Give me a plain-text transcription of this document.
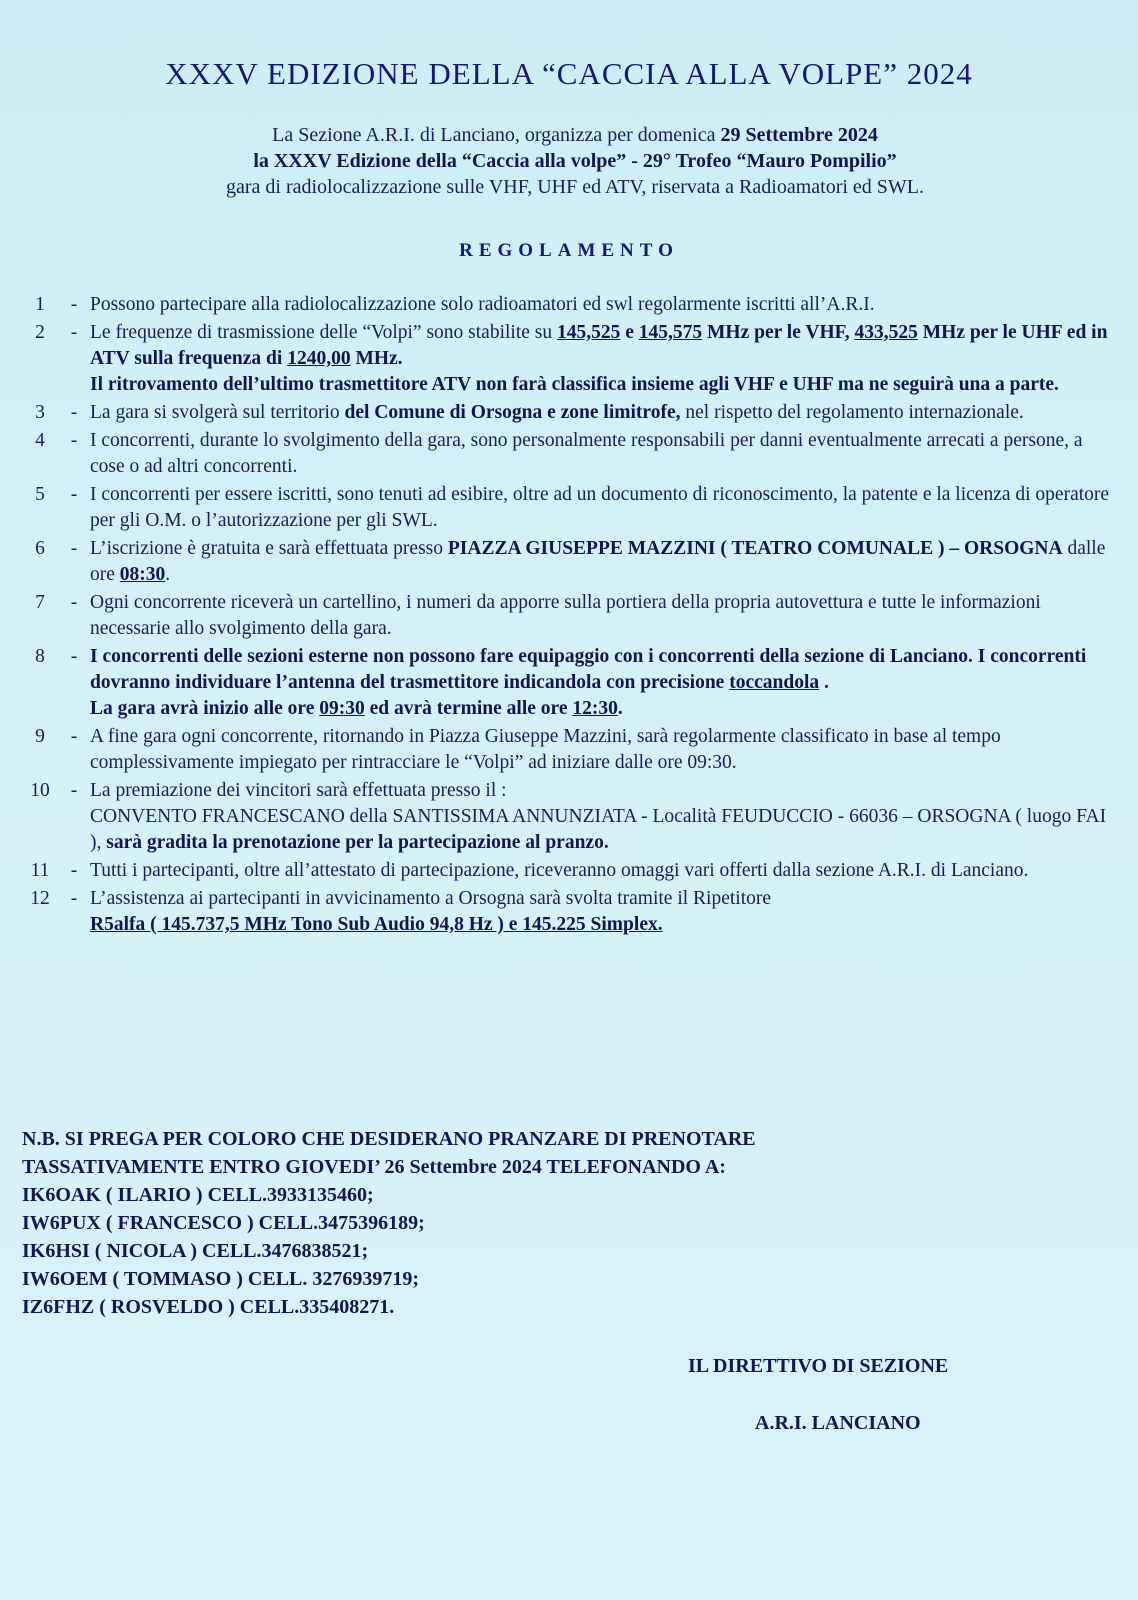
XXXV EDIZIONE DELLA “CACCIA ALLA VOLPE” 2024
La Sezione A.R.I. di Lanciano, organizza per domenica 29 Settembre 2024
la XXXV Edizione della “Caccia alla volpe” - 29° Trofeo “Mauro Pompilio”
gara di radiolocalizzazione sulle VHF, UHF ed ATV, riservata a Radioamatori ed SWL.
REGOLAMENTO
1	- Possono partecipare alla radiolocalizzazione solo radioamatori ed swl regolarmente iscritti all’A.R.I.
2	- Le frequenze di trasmissione delle “Volpi” sono stabilite su 145,525 e 145,575 MHz per le VHF, 433,525 MHz per le UHF ed in ATV sulla frequenza di 1240,00 MHz.
Il ritrovamento dell’ultimo trasmettitore ATV non farà classifica insieme agli VHF e UHF ma ne seguirà una a parte.
3	- La gara si svolgerà sul territorio del Comune di Orsogna e zone limitrofe, nel rispetto del regolamento internazionale.
4	- I concorrenti, durante lo svolgimento della gara, sono personalmente responsabili per danni eventualmente arrecati a persone, a cose o ad altri concorrenti.
5	- I concorrenti per essere iscritti, sono tenuti ad esibire, oltre ad un documento di riconoscimento, la patente e la licenza di operatore per gli O.M. o l’autorizzazione per gli SWL.
6	- L’iscrizione è gratuita e sarà effettuata presso PIAZZA GIUSEPPE MAZZINI ( TEATRO COMUNALE ) – ORSOGNA dalle ore 08:30.
7	- Ogni concorrente riceverà un cartellino, i numeri da apporre sulla portiera della propria autovettura e tutte le informazioni necessarie allo svolgimento della gara.
8	- I concorrenti delle sezioni esterne non possono fare equipaggio con i concorrenti della sezione di Lanciano. I concorrenti dovranno individuare l’antenna del trasmettitore indicandola con precisione toccandola .
La gara avrà inizio alle ore 09:30 ed avrà termine alle ore 12:30.
9	- A fine gara ogni concorrente, ritornando in Piazza Giuseppe Mazzini, sarà regolarmente classificato in base al tempo complessivamente impiegato per rintracciare le “Volpi” ad iniziare dalle ore 09:30.
10	- La premiazione dei vincitori sarà effettuata presso il :
CONVENTO FRANCESCANO della SANTISSIMA ANNUNZIATA - Località FEUDUCCIO - 66036 – ORSOGNA ( luogo FAI ), sarà gradita la prenotazione per la partecipazione al pranzo.
11	- Tutti i partecipanti, oltre all’attestato di partecipazione, riceveranno omaggi vari offerti dalla sezione A.R.I. di Lanciano.
12	- L’assistenza ai partecipanti in avvicinamento a Orsogna sarà svolta tramite il Ripetitore
R5alfa ( 145.737,5 MHz Tono Sub Audio 94,8 Hz ) e 145.225 Simplex.
N.B. SI PREGA PER COLORO CHE DESIDERANO PRANZARE DI PRENOTARE
TASSATIVAMENTE ENTRO GIOVEDI’ 26 Settembre 2024 TELEFONANDO A:
IK6OAK ( ILARIO ) CELL.3933135460;
IW6PUX ( FRANCESCO ) CELL.3475396189;
IK6HSI ( NICOLA ) CELL.3476838521;
IW6OEM ( TOMMASO ) CELL. 3276939719;
IZ6FHZ ( ROSVELDO ) CELL.335408271.
IL DIRETTIVO DI SEZIONE
A.R.I. LANCIANO
